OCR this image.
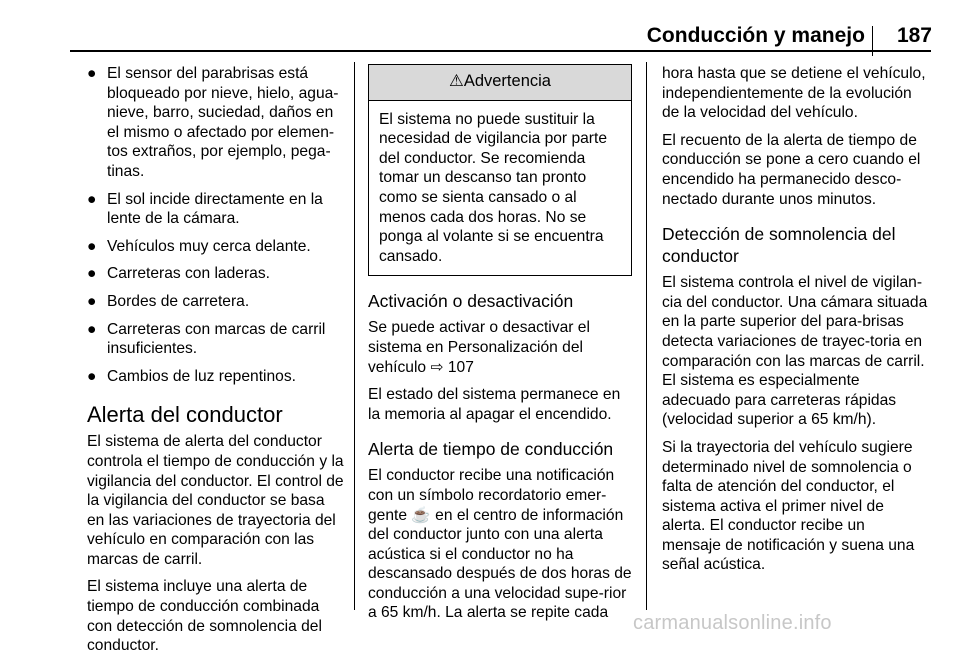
Conducción y manejo 187
● El sensor del parabrisas está bloqueado por nieve, hielo, agua-nieve, barro, suciedad, daños en el mismo o afectado por elemen-tos extraños, por ejemplo, pega-tinas.
● El sol incide directamente en la lente de la cámara.
● Vehículos muy cerca delante.
● Carreteras con laderas.
● Bordes de carretera.
● Carreteras con marcas de carril insuficientes.
● Cambios de luz repentinos.
Alerta del conductor

El sistema de alerta del conductor controla el tiempo de conducción y la vigilancia del conductor. El control de la vigilancia del conductor se basa en las variaciones de trayectoria del vehículo en comparación con las marcas de carril.

El sistema incluye una alerta de tiempo de conducción combinada con detección de somnolencia del conductor.

⚠Advertencia
El sistema no puede sustituir la necesidad de vigilancia por parte del conductor. Se recomienda tomar un descanso tan pronto como se sienta cansado o al menos cada dos horas. No se ponga al volante si se encuentra cansado.
Activación o desactivación

Se puede activar o desactivar el sistema en Personalización del vehículo ⇨ 107

El estado del sistema permanece en la memoria al apagar el encendido.

Alerta de tiempo de conducción

El conductor recibe una notificación con un símbolo recordatorio emer-gente ☕ en el centro de información del conductor junto con una alerta acústica si el conductor no ha descansado después de dos horas de conducción a una velocidad supe-rior a 65 km/h. La alerta se repite cada

hora hasta que se detiene el vehículo, independientemente de la evolución de la velocidad del vehículo.

El recuento de la alerta de tiempo de conducción se pone a cero cuando el encendido ha permanecido desco-nectado durante unos minutos.

Detección de somnolencia del conductor

El sistema controla el nivel de vigilan-cia del conductor. Una cámara situada en la parte superior del para-brisas detecta variaciones de trayec-toria en comparación con las marcas de carril. El sistema es especialmente adecuado para carreteras rápidas (velocidad superior a 65 km/h).

Si la trayectoria del vehículo sugiere determinado nivel de somnolencia o falta de atención del conductor, el sistema activa el primer nivel de alerta. El conductor recibe un mensaje de notificación y suena una señal acústica.

carmanualsonline.info
